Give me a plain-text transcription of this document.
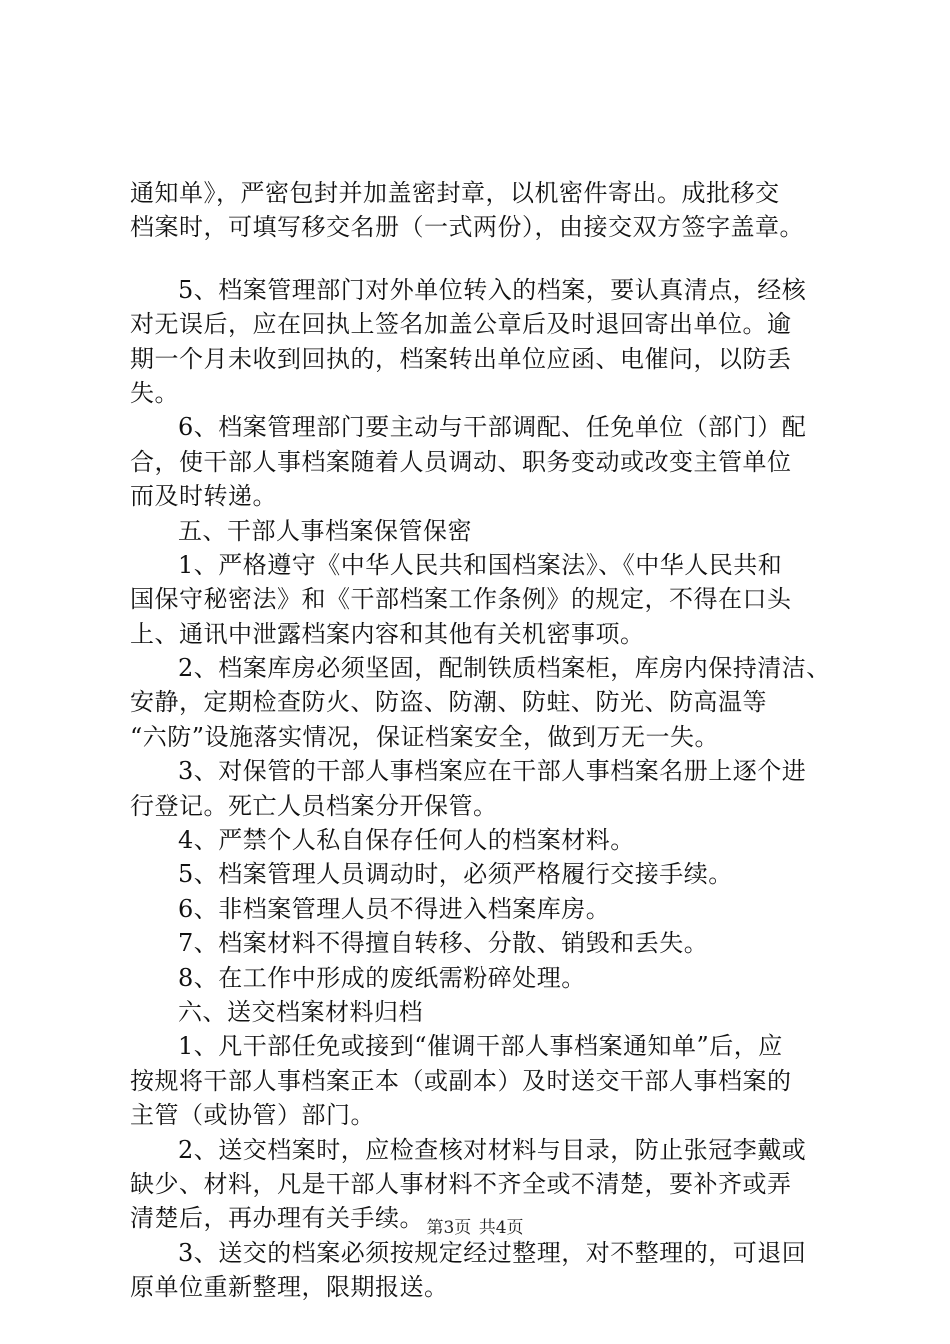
通知单》，严密包封并加盖密封章，以机密件寄出。成批移交
档案时，可填写移交名册（一式两份），由接交双方签字盖章。
5、档案管理部门对外单位转入的档案，要认真清点，经核
对无误后，应在回执上签名加盖公章后及时退回寄出单位。逾
期一个月未收到回执的，档案转出单位应函、电催问，以防丢
失。
6、档案管理部门要主动与干部调配、任免单位（部门）配
合，使干部人事档案随着人员调动、职务变动或改变主管单位
而及时转递。
五、干部人事档案保管保密
1、严格遵守《中华人民共和国档案法》、《中华人民共和
国保守秘密法》和《干部档案工作条例》的规定，不得在口头
上、通讯中泄露档案内容和其他有关机密事项。
2、档案库房必须坚固，配制铁质档案柜，库房内保持清洁、
安静，定期检查防火、防盗、防潮、防蛀、防光、防高温等
“六防”设施落实情况，保证档案安全，做到万无一失。
3、对保管的干部人事档案应在干部人事档案名册上逐个进
行登记。死亡人员档案分开保管。
4、严禁个人私自保存任何人的档案材料。
5、档案管理人员调动时，必须严格履行交接手续。
6、非档案管理人员不得进入档案库房。
7、档案材料不得擅自转移、分散、销毁和丢失。
8、在工作中形成的废纸需粉碎处理。
六、送交档案材料归档
1、凡干部任免或接到“催调干部人事档案通知单”后，应
按规将干部人事档案正本（或副本）及时送交干部人事档案的
主管（或协管）部门。
2、送交档案时，应检查核对材料与目录，防止张冠李戴或
缺少、材料，凡是干部人事材料不齐全或不清楚，要补齐或弄
清楚后，再办理有关手续。
3、送交的档案必须按规定经过整理，对不整理的，可退回
原单位重新整理，限期报送。
第3页 共4页
